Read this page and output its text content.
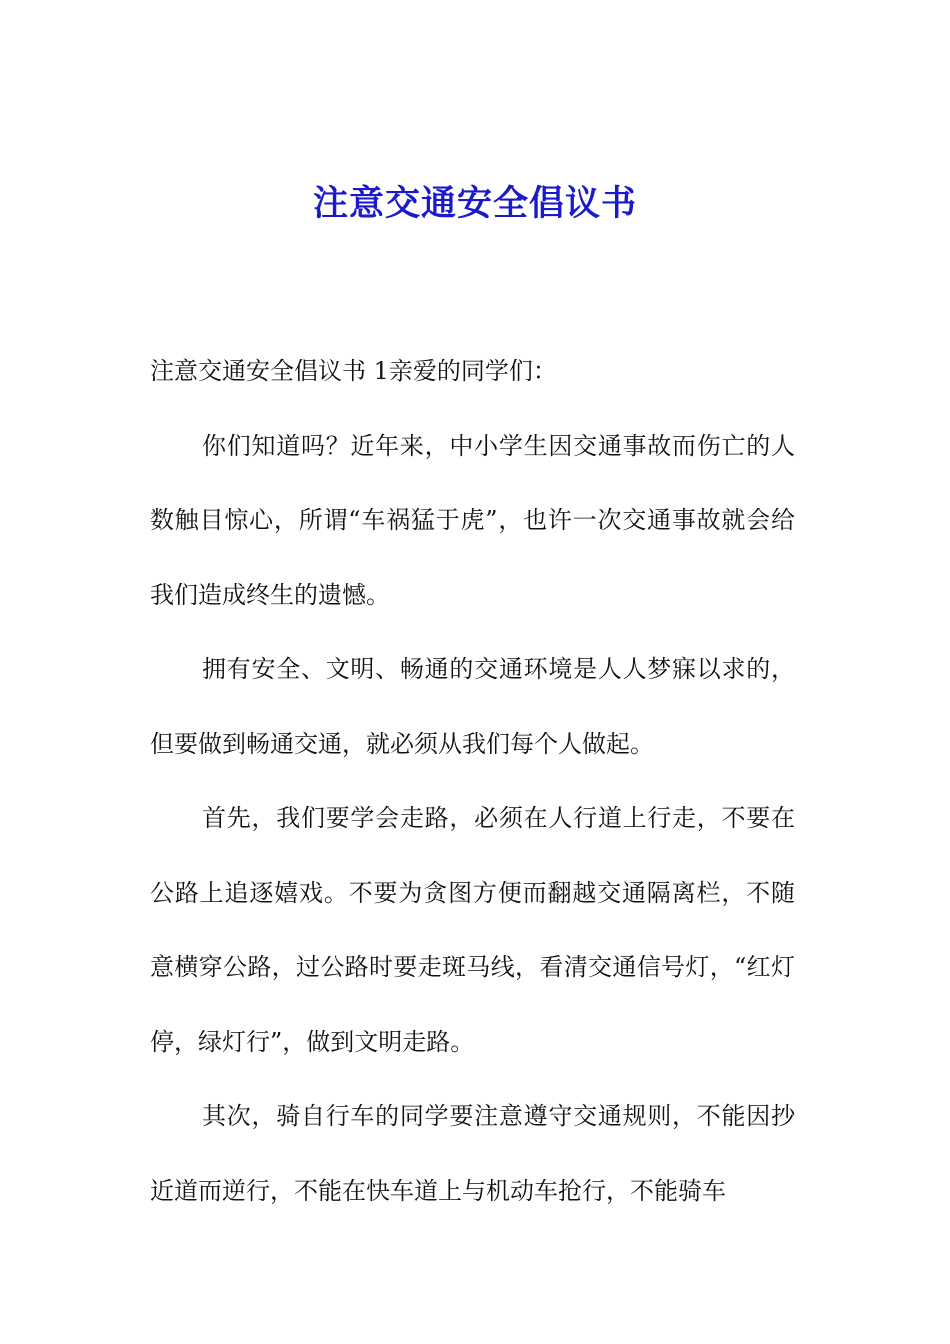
注意交通安全倡议书

注意交通安全倡议书 1亲爱的同学们：

你们知道吗？近年来，中小学生因交通事故而伤亡的人数触目惊心，所谓“车祸猛于虎”，也许一次交通事故就会给我们造成终生的遗憾。

拥有安全、文明、畅通的交通环境是人人梦寐以求的，但要做到畅通交通，就必须从我们每个人做起。

首先，我们要学会走路，必须在人行道上行走，不要在公路上追逐嬉戏。不要为贪图方便而翻越交通隔离栏，不随意横穿公路，过公路时要走斑马线，看清交通信号灯，“红灯停，绿灯行”，做到文明走路。

其次，骑自行车的同学要注意遵守交通规则，不能因抄近道而逆行，不能在快车道上与机动车抢行，不能骑车
